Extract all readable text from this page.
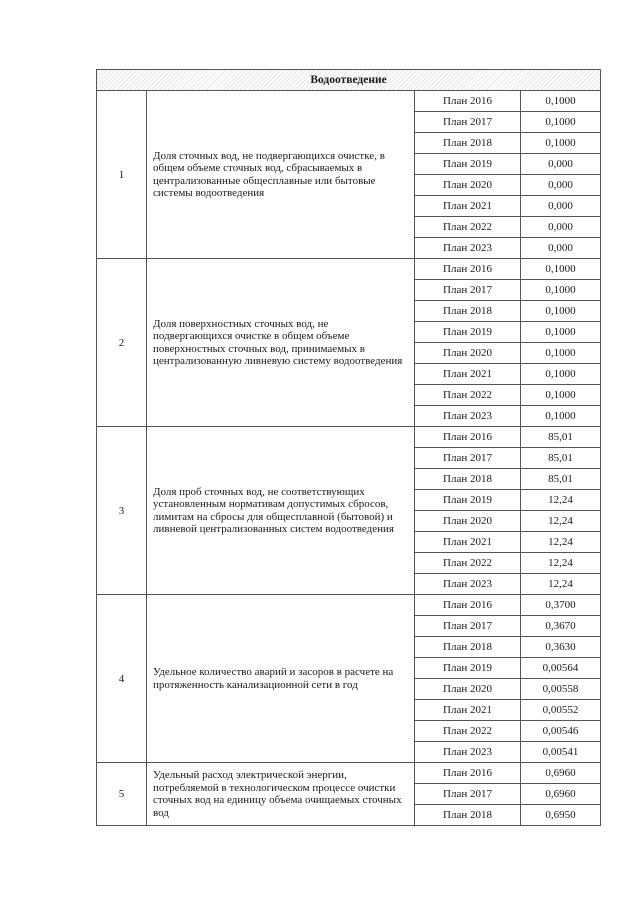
Водоотведение			
1	Доля сточных вод, не подвергающихся очистке, в общем объеме сточных вод, сбрасываемых в централизованные общесплавные или бытовые системы водоотведения	План 2016	0,1000
		План 2017	0,1000
		План 2018	0,1000
		План 2019	0,000
		План 2020	0,000
		План 2021	0,000
		План 2022	0,000
		План 2023	0,000
2	Доля поверхностных сточных вод, не подвергающихся очистке в общем объеме поверхностных сточных вод, принимаемых в централизованную ливневую систему водоотведения	План 2016	0,1000
		План 2017	0,1000
		План 2018	0,1000
		План 2019	0,1000
		План 2020	0,1000
		План 2021	0,1000
		План 2022	0,1000
		План 2023	0,1000
3	Доля проб сточных вод, не соответствующих установленным нормативам допустимых сбросов, лимитам на сбросы для общесплавной (бытовой) и ливневой централизованных систем водоотведения	План 2016	85,01
		План 2017	85,01
		План 2018	85,01
		План 2019	12,24
		План 2020	12,24
		План 2021	12,24
		План 2022	12,24
		План 2023	12,24
4	Удельное количество аварий и засоров в расчете на протяженность канализационной сети в год	План 2016	0,3700
		План 2017	0,3670
		План 2018	0,3630
		План 2019	0,00564
		План 2020	0,00558
		План 2021	0,00552
		План 2022	0,00546
		План 2023	0,00541
5	Удельный расход электрической энергии, потребляемой в технологическом процессе очистки сточных вод на единицу объема очищаемых сточных вод	План 2016	0,6960
		План 2017	0,6960
		План 2018	0,6950
